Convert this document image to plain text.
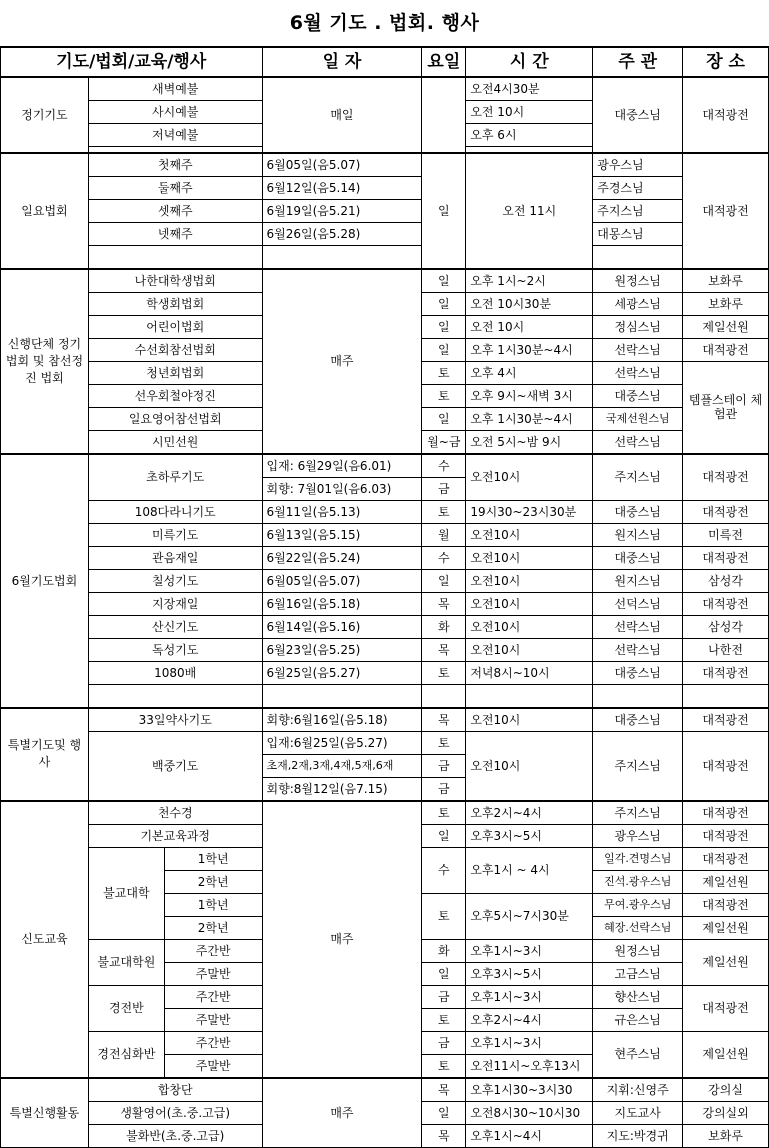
6월 기도 . 법회. 행사
기도/법회/교육/행사			일 자	요일	시 간	주 관	장 소
정기기도	새벽예불		매일		오전4시30분	대중스님	대적광전
	사시예불				오전 10시		
	저녁예불				오후 6시		

일요법회	첫째주		6월05일(음5.07)	일	오전 11시	광우스님	대적광전
	둘째주		6월12일(음5.14)			주경스님	
	셋째주		6월19일(음5.21)			주지스님	
	넷째주		6월26일(음5.28)			대몽스님	

신행단체 정기법회 및 참선정진 법회	나한대학생법회		매주	일	오후 1시~2시	원정스님	보화루
	학생회법회			일	오전 10시30분	세광스님	보화루
	어린이법회			일	오전 10시	정심스님	제일선원
	수선회참선법회			일	오후 1시30분~4시	선락스님	대적광전
	청년회법회			토	오후 4시	선락스님	템플스테이 체험관
	선우회철야정진			토	오후 9시~새벽 3시	대중스님	
	일요영어참선법회			일	오후 1시30분~4시	국제선원스님	
	시민선원			월~금	오전 5시~밤 9시	선락스님	
6월기도법회	초하루기도		입재: 6월29일(음6.01)	수	오전10시	주지스님	대적광전
			회향: 7월01일(음6.03)	금			
	108다라니기도		6월11일(음5.13)	토	19시30~23시30분	대중스님	대적광전
	미륵기도		6월13일(음5.15)	월	오전10시	원지스님	미륵전
	관음재일		6월22일(음5.24)	수	오전10시	대중스님	대적광전
	칠성기도		6월05일(음5.07)	일	오전10시	원지스님	삼성각
	지장재일		6월16일(음5.18)	목	오전10시	선덕스님	대적광전
	산신기도		6월14일(음5.16)	화	오전10시	선락스님	삼성각
	독성기도		6월23일(음5.25)	목	오전10시	선락스님	나한전
	1080배		6월25일(음5.27)	토	저녁8시~10시	대중스님	대적광전

특별기도및 행사	33일약사기도		회향:6월16일(음5.18)	목	오전10시	대중스님	대적광전
	백중기도		입재:6월25일(음5.27)	토	오전10시	주지스님	대적광전
			초재,2재,3재,4재,5재,6재	금			
			회향:8월12일(음7.15)	금			
신도교육	천수경		매주	토	오후2시~4시	주지스님	대적광전
	기본교육과정			일	오후3시~5시	광우스님	대적광전
	불교대학	1학년		수	오후1시 ~ 4시	일각.견명스님	대적광전
		2학년				진석.광우스님	제일선원
		1학년		토	오후5시~7시30분	무여.광우스님	대적광전
		2학년				혜장.선락스님	제일선원
	불교대학원	주간반		화	오후1시~3시	원정스님	제일선원
		주말반		일	오후3시~5시	고금스님	
	경전반	주간반		금	오후1시~3시	향산스님	대적광전
		주말반		토	오후2시~4시	규은스님	
	경전심화반	주간반		금	오후1시~3시	현주스님	제일선원
		주말반		토	오전11시~오후13시		
특별신행활동	합창단		매주	목	오후1시30~3시30	지휘:신영주	강의실
	생활영어(초.중.고급)			일	오전8시30~10시30	지도교사	강의실외
	불화반(초.중.고급)			목	오후1시~4시	지도:박경귀	보화루
